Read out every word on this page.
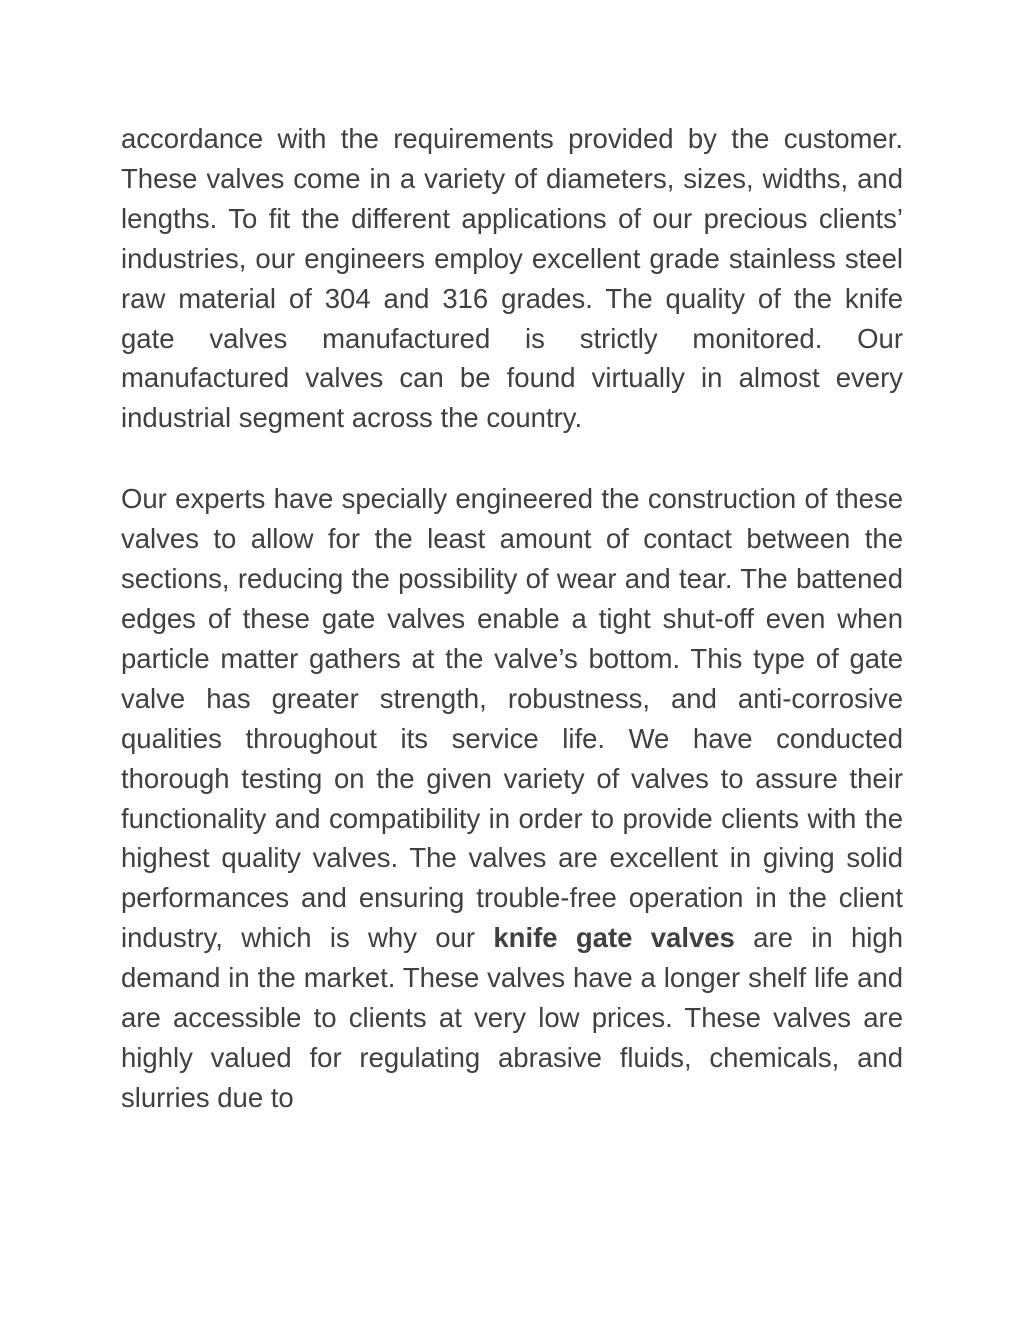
accordance with the requirements provided by the customer. These valves come in a variety of diameters, sizes, widths, and lengths. To fit the different applications of our precious clients’ industries, our engineers employ excellent grade stainless steel raw material of 304 and 316 grades. The quality of the knife gate valves manufactured is strictly monitored. Our manufactured valves can be found virtually in almost every industrial segment across the country.

Our experts have specially engineered the construction of these valves to allow for the least amount of contact between the sections, reducing the possibility of wear and tear. The battened edges of these gate valves enable a tight shut-off even when particle matter gathers at the valve’s bottom. This type of gate valve has greater strength, robustness, and anti-corrosive qualities throughout its service life. We have conducted thorough testing on the given variety of valves to assure their functionality and compatibility in order to provide clients with the highest quality valves. The valves are excellent in giving solid performances and ensuring trouble-free operation in the client industry, which is why our knife gate valves are in high demand in the market. These valves have a longer shelf life and are accessible to clients at very low prices. These valves are highly valued for regulating abrasive fluids, chemicals, and slurries due to
